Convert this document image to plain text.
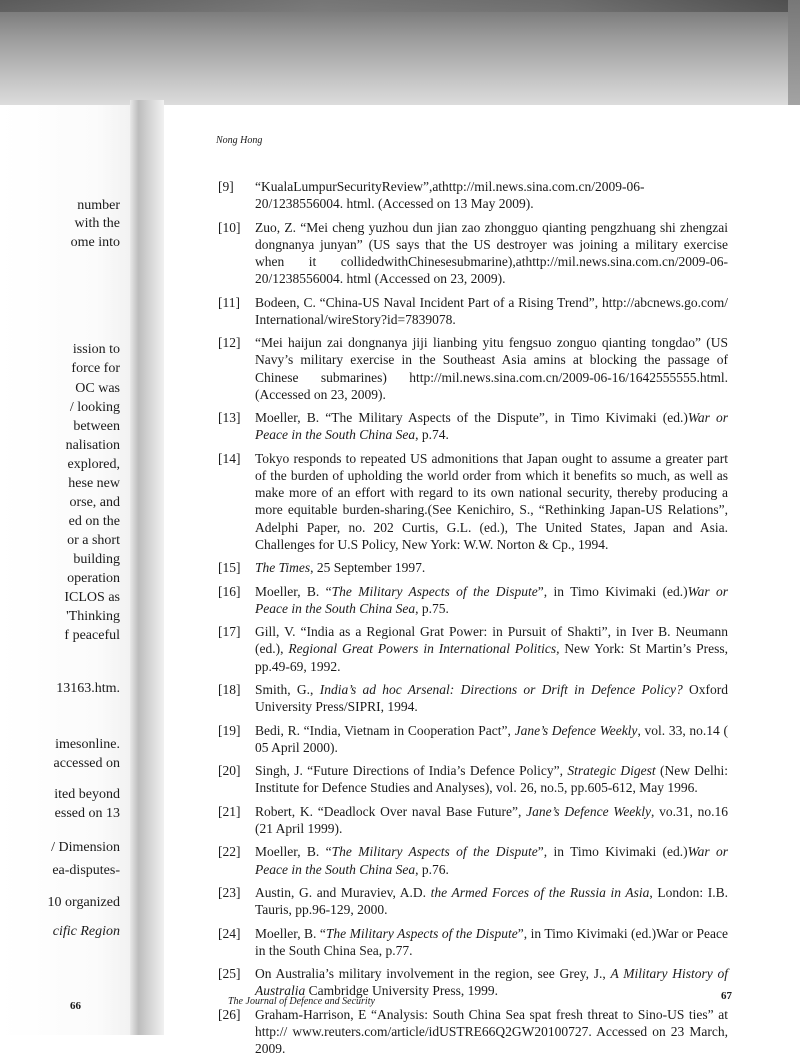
number
with the
ome into
ission to
force for
OC was
/ looking
between
nalisation
explored,
hese new
orse, and
ed on the
or a short
building
operation
ICLOS as
'Thinking
f peaceful
13163.htm.
imesonline.
accessed on
ited beyond
essed on 13
/ Dimension
ea-disputes-
10 organized
cific Region
66
Nong Hong
[9]	“KualaLumpurSecurityReview”,athttp://mil.news.sina.com.cn/2009-06-20/1238556004. html. (Accessed on 13 May 2009).
[10]	Zuo, Z. “Mei cheng yuzhou dun jian zao zhongguo qianting pengzhuang shi zhengzai dongnanya junyan” (US says that the US destroyer was joining a military exercise when it collidedwithChinesesubmarine),athttp://mil.news.sina.com.cn/2009-06-20/1238556004. html (Accessed on 23, 2009).
[11]	Bodeen, C. “China-US Naval Incident Part of a Rising Trend”, http://abcnews.go.com/ International/wireStory?id=7839078.
[12]	“Mei haijun zai dongnanya jiji lianbing yitu fengsuo zonguo qianting tongdao” (US Navy’s military exercise in the Southeast Asia amins at blocking the passage of Chinese submarines) http://mil.news.sina.com.cn/2009-06-16/1642555555.html. (Accessed on 23, 2009).
[13]	Moeller, B. “The Military Aspects of the Dispute”, in Timo Kivimaki (ed.)War or Peace in the South China Sea, p.74.
[14]	Tokyo responds to repeated US admonitions that Japan ought to assume a greater part of the burden of upholding the world order from which it benefits so much, as well as make more of an effort with regard to its own national security, thereby producing a more equitable burden-sharing.(See Kenichiro, S., “Rethinking Japan-US Relations”, Adelphi Paper, no. 202 Curtis, G.L. (ed.), The United States, Japan and Asia. Challenges for U.S Policy, New York: W.W. Norton & Cp., 1994.
[15]	The Times, 25 September 1997.
[16]	Moeller, B. “The Military Aspects of the Dispute”, in Timo Kivimaki (ed.)War or Peace in the South China Sea, p.75.
[17]	Gill, V. “India as a Regional Grat Power: in Pursuit of Shakti”, in Iver B. Neumann (ed.), Regional Great Powers in International Politics, New York: St Martin’s Press, pp.49-69, 1992.
[18]	Smith, G., India’s ad hoc Arsenal: Directions or Drift in Defence Policy? Oxford University Press/SIPRI, 1994.
[19]	Bedi, R. “India, Vietnam in Cooperation Pact”, Jane’s Defence Weekly, vol. 33, no.14 ( 05 April 2000).
[20]	Singh, J. “Future Directions of India’s Defence Policy”, Strategic Digest (New Delhi: Institute for Defence Studies and Analyses), vol. 26, no.5, pp.605-612, May 1996.
[21]	Robert, K. “Deadlock Over naval Base Future”, Jane’s Defence Weekly, vo.31, no.16 (21 April 1999).
[22]	Moeller, B. “The Military Aspects of the Dispute”, in Timo Kivimaki (ed.)War or Peace in the South China Sea, p.76.
[23]	Austin, G. and Muraviev, A.D. the Armed Forces of the Russia in Asia, London: I.B. Tauris, pp.96-129, 2000.
[24]	Moeller, B. “The Military Aspects of the Dispute”, in Timo Kivimaki (ed.)War or Peace in the South China Sea, p.77.
[25]	On Australia’s military involvement in the region, see Grey, J., A Military History of Australia Cambridge University Press, 1999.
[26]	Graham-Harrison, E “Analysis: South China Sea spat fresh threat to Sino-US ties” at http:// www.reuters.com/article/idUSTRE66Q2GW20100727. Accessed on 23 March, 2009.
The Journal of Defence and Security	67
